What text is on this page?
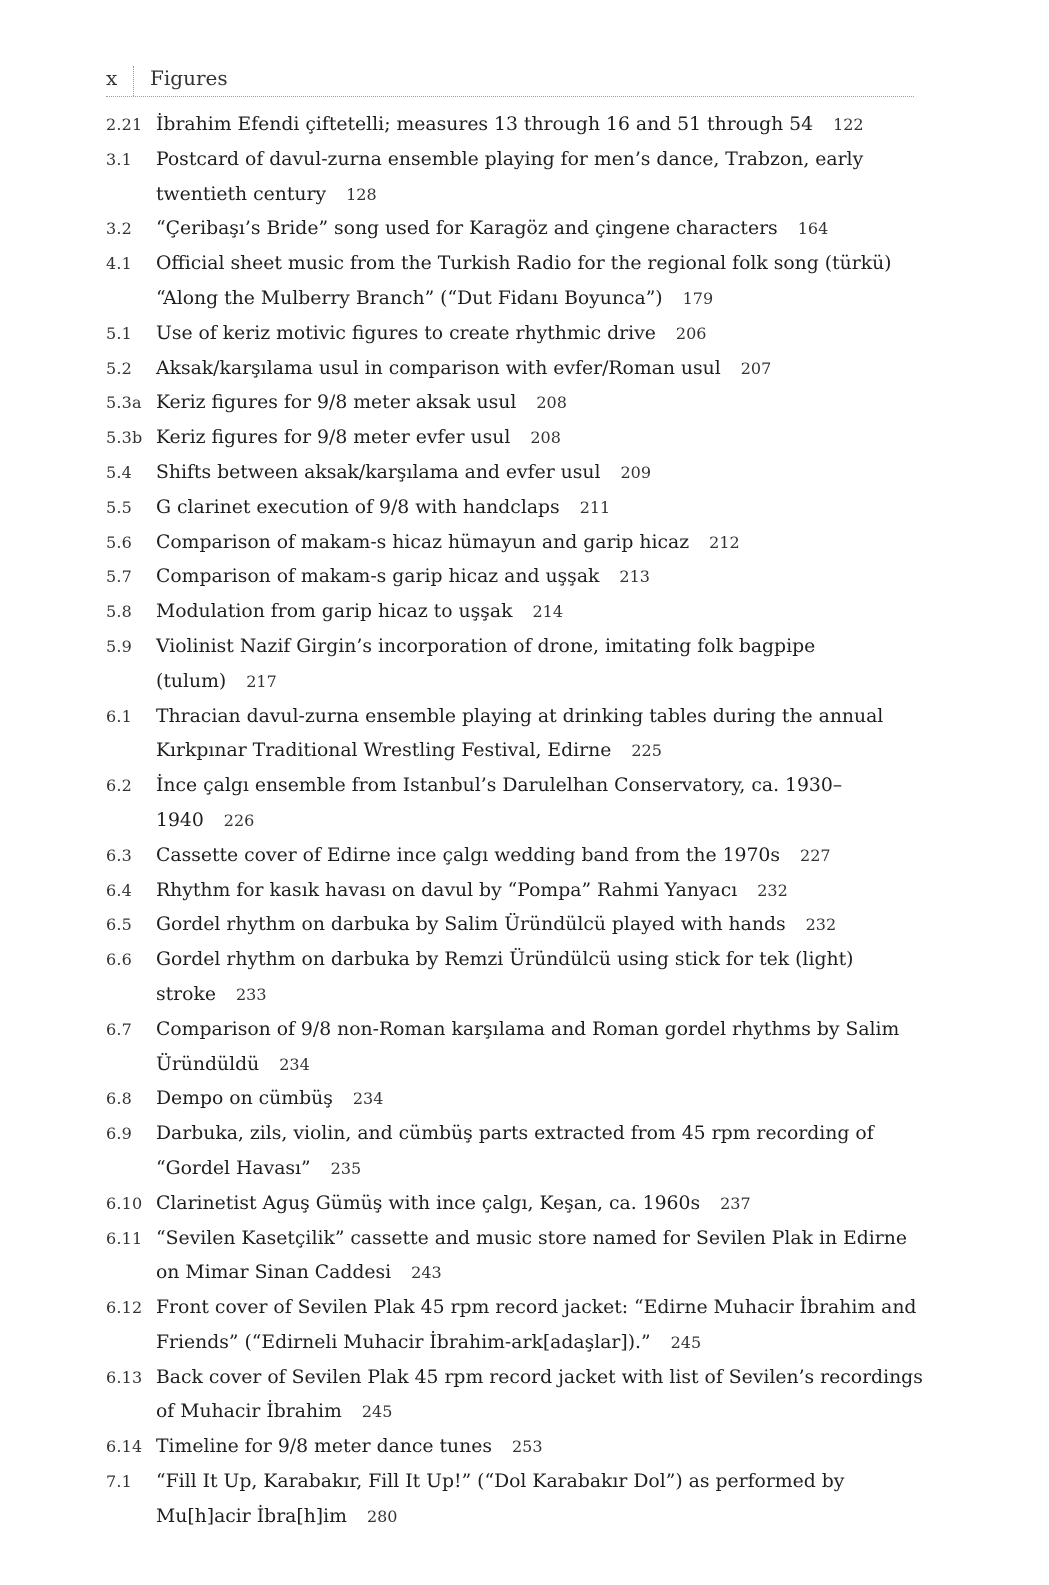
x Figures
2.21 İbrahim Efendi çiftetelli; measures 13 through 16 and 51 through 54 122
3.1	Postcard of davul-zurna ensemble playing for men’s dance, Trabzon, early twentieth century 128
3.2	“Çeribaşı’s Bride” song used for Karagöz and çingene characters 164
4.1	Official sheet music from the Turkish Radio for the regional folk song (türkü) “Along the Mulberry Branch” (“Dut Fidanı Boyunca”) 179
5.1	Use of keriz motivic figures to create rhythmic drive 206
5.2	Aksak/karşılama usul in comparison with evfer/Roman usul 207
5.3a Keriz figures for 9/8 meter aksak usul 208
5.3b Keriz figures for 9/8 meter evfer usul 208
5.4	Shifts between aksak/karşılama and evfer usul 209
5.5	G clarinet execution of 9/8 with handclaps 211
5.6	Comparison of makam-s hicaz hümayun and garip hicaz 212
5.7	Comparison of makam-s garip hicaz and uşşak 213
5.8	Modulation from garip hicaz to uşşak 214
5.9	Violinist Nazif Girgin’s incorporation of drone, imitating folk bagpipe (tulum) 217
6.1	Thracian davul-zurna ensemble playing at drinking tables during the annual Kırkpınar Traditional Wrestling Festival, Edirne 225
6.2	İnce çalgı ensemble from Istanbul’s Darulelhan Conservatory, ca. 1930–1940 226
6.3	Cassette cover of Edirne ince çalgı wedding band from the 1970s 227
6.4	Rhythm for kasık havası on davul by “Pompa” Rahmi Yanyacı 232
6.5	Gordel rhythm on darbuka by Salim Üründülcü played with hands 232
6.6	Gordel rhythm on darbuka by Remzi Üründülcü using stick for tek (light) stroke 233
6.7	Comparison of 9/8 non-Roman karşılama and Roman gordel rhythms by Salim Üründüldü 234
6.8	Dempo on cümbüş 234
6.9	Darbuka, zils, violin, and cümbüş parts extracted from 45 rpm recording of “Gordel Havası” 235
6.10 Clarinetist Aguş Gümüş with ince çalgı, Keşan, ca. 1960s 237
6.11 “Sevilen Kasetçilik” cassette and music store named for Sevilen Plak in Edirne on Mimar Sinan Caddesi 243
6.12 Front cover of Sevilen Plak 45 rpm record jacket: “Edirne Muhacir İbrahim and Friends” (“Edirneli Muhacir İbrahim-ark[adaşlar]).” 245
6.13 Back cover of Sevilen Plak 45 rpm record jacket with list of Sevilen’s recordings of Muhacir İbrahim 245
6.14 Timeline for 9/8 meter dance tunes 253
7.1	“Fill It Up, Karabakır, Fill It Up!” (“Dol Karabakır Dol”) as performed by Mu[h]acir İbra[h]im 280
